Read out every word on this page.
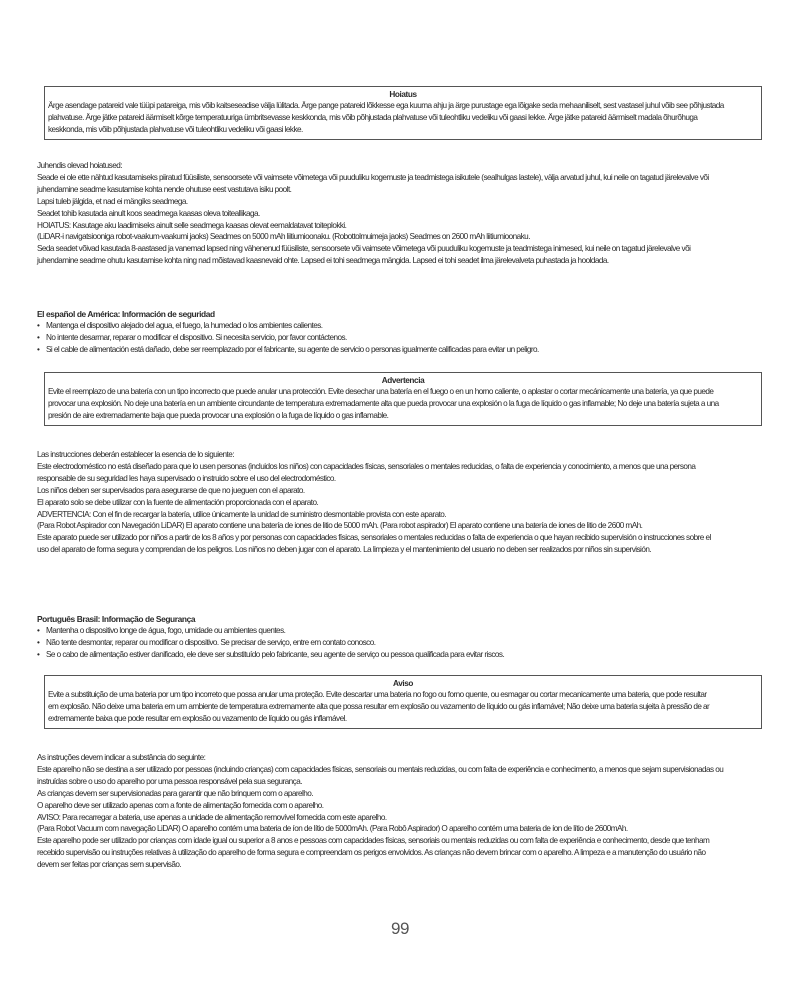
Hoiatus
Ärge asendage patareid vale tüüpi patareiga, mis võib kaitseseadise välja lülitada. Ärge pange patareid lõkkesse ega kuuma ahju ja ärge purustage ega lõigake seda mehaaniliselt, sest vastasel juhul võib see põhjustada
plahvatuse. Ärge jätke patareid äärmiselt kõrge temperatuuriga ümbritsevasse keskkonda, mis võib põhjustada plahvatuse või tuleohtliku vedeliku või gaasi lekke. Ärge jätke patareid äärmiselt madala õhurõhuga
keskkonda, mis võib põhjustada plahvatuse või tuleohtliku vedeliku või gaasi lekke.
Juhendis olevad hoiatused:
Seade ei ole ette nähtud kasutamiseks piiratud füüsiliste, sensoorsete või vaimsete võimetega või puuduliku kogemuste ja teadmistega isikutele (sealhulgas lastele), välja arvatud juhul, kui neile on tagatud järelevalve või
juhendamine seadme kasutamise kohta nende ohutuse eest vastutava isiku poolt.
Lapsi tuleb jälgida, et nad ei mängiks seadmega.
Seadet tohib kasutada ainult koos seadmega kaasas oleva toiteallikaga.
HOIATUS: Kasutage aku laadimiseks ainult selle seadmega kaasas olevat eemaldatavat toiteplokki.
(LiDAR-i navigatsiooniga robot-vaakum-vaakumi jaoks) Seadmes on 5000 mAh liitiumioonaku. (Robottolmuimeja jaoks) Seadmes on 2600 mAh liitiumioonaku.
Seda seadet võivad kasutada 8-aastased ja vanemad lapsed ning vähenenud füüsiliste, sensoorsete või vaimsete võimetega või puuduliku kogemuste ja teadmistega inimesed, kui neile on tagatud järelevalve või
juhendamine seadme ohutu kasutamise kohta ning nad mõistavad kaasnevaid ohte. Lapsed ei tohi seadmega mängida. Lapsed ei tohi seadet ilma järelevalveta puhastada ja hooldada.
El español de América: Información de seguridad
• Mantenga el dispositivo alejado del agua, el fuego, la humedad o los ambientes calientes.
• No intente desarmar, reparar o modificar el dispositivo. Si necesita servicio, por favor contáctenos.
• Si el cable de alimentación está dañado, debe ser reemplazado por el fabricante, su agente de servicio o personas igualmente calificadas para evitar un peligro.
Advertencia
Evite el reemplazo de una batería con un tipo incorrecto que puede anular una protección. Evite desechar una batería en el fuego o en un horno caliente, o aplastar o cortar mecánicamente una batería, ya que puede
provocar una explosión. No deje una batería en un ambiente circundante de temperatura extremadamente alta que pueda provocar una explosión o la fuga de líquido o gas inflamable; No deje una batería sujeta a una
presión de aire extremadamente baja que pueda provocar una explosión o la fuga de líquido o gas inflamable.
Las instrucciones deberán establecer la esencia de lo siguiente:
Este electrodoméstico no está diseñado para que lo usen personas (incluidos los niños) con capacidades físicas, sensoriales o mentales reducidas, o falta de experiencia y conocimiento, a menos que una persona
responsable de su seguridad les haya supervisado o instruido sobre el uso del electrodoméstico.
Los niños deben ser supervisados para asegurarse de que no jueguen con el aparato.
El aparato solo se debe utilizar con la fuente de alimentación proporcionada con el aparato.
ADVERTENCIA: Con el fin de recargar la batería, utilice únicamente la unidad de suministro desmontable provista con este aparato.
(Para Robot Aspirador con Navegación LiDAR) El aparato contiene una batería de iones de litio de 5000 mAh. (Para robot aspirador) El aparato contiene una batería de iones de litio de 2600 mAh.
Este aparato puede ser utilizado por niños a partir de los 8 años y por personas con capacidades físicas, sensoriales o mentales reducidas o falta de experiencia o que hayan recibido supervisión o instrucciones sobre el
uso del aparato de forma segura y comprendan de los peligros. Los niños no deben jugar con el aparato. La limpieza y el mantenimiento del usuario no deben ser realizados por niños sin supervisión.
Português Brasil: Informação de Segurança
• Mantenha o dispositivo longe de água, fogo, umidade ou ambientes quentes.
• Não tente desmontar, reparar ou modificar o dispositivo. Se precisar de serviço, entre em contato conosco.
• Se o cabo de alimentação estiver danificado, ele deve ser substituído pelo fabricante, seu agente de serviço ou pessoa qualificada para evitar riscos.
Aviso
Evite a substituição de uma bateria por um tipo incorreto que possa anular uma proteção. Evite descartar uma bateria no fogo ou forno quente, ou esmagar ou cortar mecanicamente uma bateria, que pode resultar
em explosão. Não deixe uma bateria em um ambiente de temperatura extremamente alta que possa resultar em explosão ou vazamento de líquido ou gás inflamável; Não deixe uma bateria sujeita à pressão de ar
extremamente baixa que pode resultar em explosão ou vazamento de líquido ou gás inflamável.
As instruções devem indicar a substância do seguinte:
Este aparelho não se destina a ser utilizado por pessoas (incluindo crianças) com capacidades físicas, sensoriais ou mentais reduzidas, ou com falta de experiência e conhecimento, a menos que sejam supervisionadas ou
instruídas sobre o uso do aparelho por uma pessoa responsável pela sua segurança.
As crianças devem ser supervisionadas para garantir que não brinquem com o aparelho.
O aparelho deve ser utilizado apenas com a fonte de alimentação fornecida com o aparelho.
AVISO: Para recarregar a bateria, use apenas a unidade de alimentação removível fornecida com este aparelho.
(Para Robot Vacuum com navegação LiDAR) O aparelho contém uma bateria de íon de lítio de 5000mAh. (Para Robô Aspirador) O aparelho contém uma bateria de íon de lítio de 2600mAh.
Este aparelho pode ser utilizado por crianças com idade igual ou superior a 8 anos e pessoas com capacidades físicas, sensoriais ou mentais reduzidas ou com falta de experiência e conhecimento, desde que tenham
recebido supervisão ou instruções relativas à utilização do aparelho de forma segura e compreendam os perigos envolvidos. As crianças não devem brincar com o aparelho. A limpeza e a manutenção do usuário não
devem ser feitas por crianças sem supervisão.
99
